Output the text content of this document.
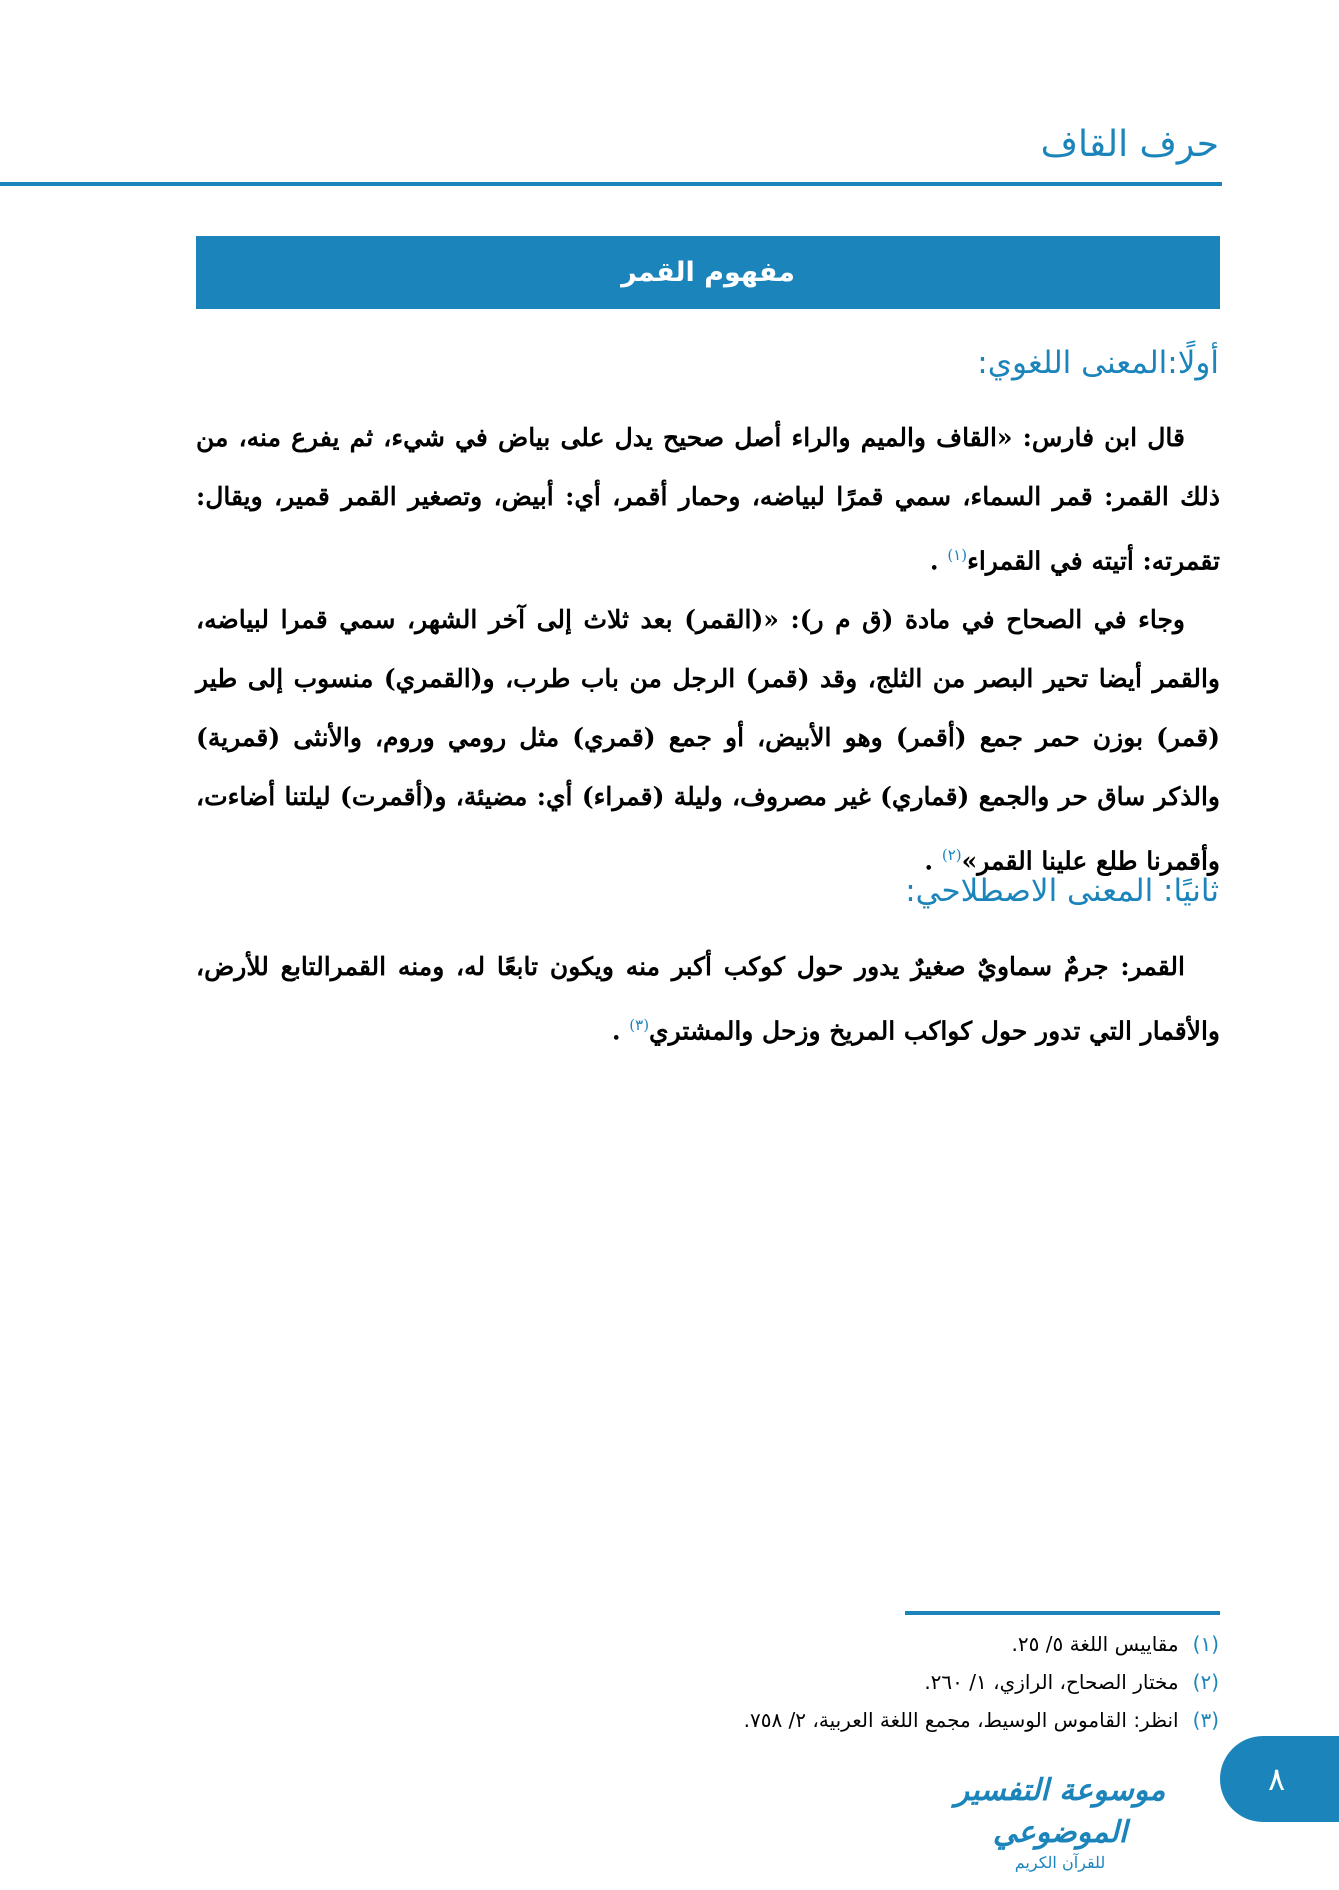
حرف القاف
مفهوم القمر
أولًا:المعنى اللغوي:

قال ابن فارس: «القاف والميم والراء أصل صحيح يدل على بياض في شيء، ثم يفرع منه، من ذلك القمر: قمر السماء، سمي قمرًا لبياضه، وحمار أقمر، أي: أبيض، وتصغير القمر قمير، ويقال: تقمرته: أتيته في القمراء$^{(١)}$ .

وجاء في الصحاح في مادة (ق م ر): «(القمر) بعد ثلاث إلى آخر الشهر، سمي قمرا لبياضه، والقمر أيضا تحير البصر من الثلج، وقد (قمر) الرجل من باب طرب، و(القمري) منسوب إلى طير (قمر) بوزن حمر جمع (أقمر) وهو الأبيض، أو جمع (قمري) مثل رومي وروم، والأنثى (قمرية) والذكر ساق حر والجمع (قماري) غير مصروف، وليلة (قمراء) أي: مضيئة، و(أقمرت) ليلتنا أضاءت، وأقمرنا طلع علينا القمر»$^{(٢)}$ .

ثانيًا: المعنى الاصطلاحي:

القمر: جرمٌ سماويٌ صغيرٌ يدور حول كوكب أكبر منه ويكون تابعًا له، ومنه القمرالتابع للأرض، والأقمار التي تدور حول كواكب المريخ وزحل والمشتري$^{(٣)}$ .

(١)
مقاييس اللغة ٥/ ٢٥.
(٢)
مختار الصحاح، الرازي، ١/ ٢٦٠.
(٣)
انظر: القاموس الوسيط، مجمع اللغة العربية، ٢/ ٧٥٨.
موسوعة التفسير الموضوعي
للقرآن الكريم
٨
